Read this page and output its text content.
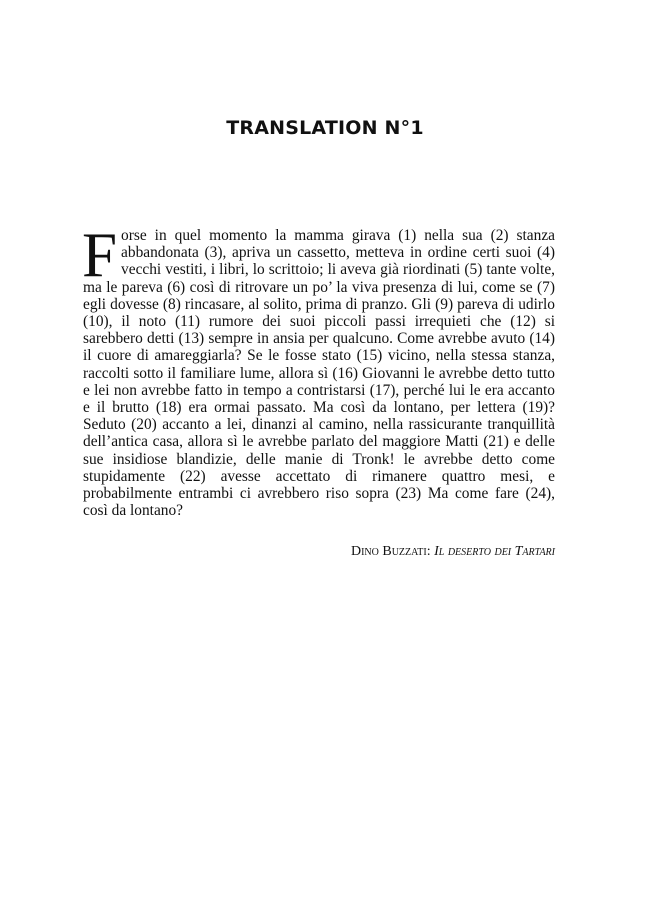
TRANSLATION N°1

Forse in quel momento la mamma girava (1) nella sua (2) stanza abbandonata (3), apriva un cassetto, metteva in ordine certi suoi (4) vecchi vestiti, i libri, lo scrittoio; li aveva già riordinati (5) tante volte, ma le pareva (6) così di ritrovare un po’ la viva presenza di lui, come se (7) egli dovesse (8) rincasare, al solito, prima di pranzo. Gli (9) pareva di udirlo (10), il noto (11) rumore dei suoi piccoli passi irrequieti che (12) si sarebbero detti (13) sempre in ansia per qualcuno. Come avrebbe avuto (14) il cuore di amareggiarla? Se le fosse stato (15) vicino, nella stessa stanza, raccolti sotto il familiare lume, allora sì (16) Giovanni le avrebbe detto tutto e lei non avrebbe fatto in tempo a contristarsi (17), perché lui le era accanto e il brutto (18) era ormai passato. Ma così da lontano, per lettera (19)? Seduto (20) accanto a lei, dinanzi al camino, nella rassicurante tranquillità dell’antica casa, allora sì le avrebbe parlato del maggiore Matti (21) e delle sue insidiose blandizie, delle manie di Tronk! le avrebbe detto come stupidamente (22) avesse accettato di rimanere quattro mesi, e probabilmente entrambi ci avrebbero riso sopra (23) Ma come fare (24), così da lontano?

Dino Buzzati: Il deserto dei Tartari
